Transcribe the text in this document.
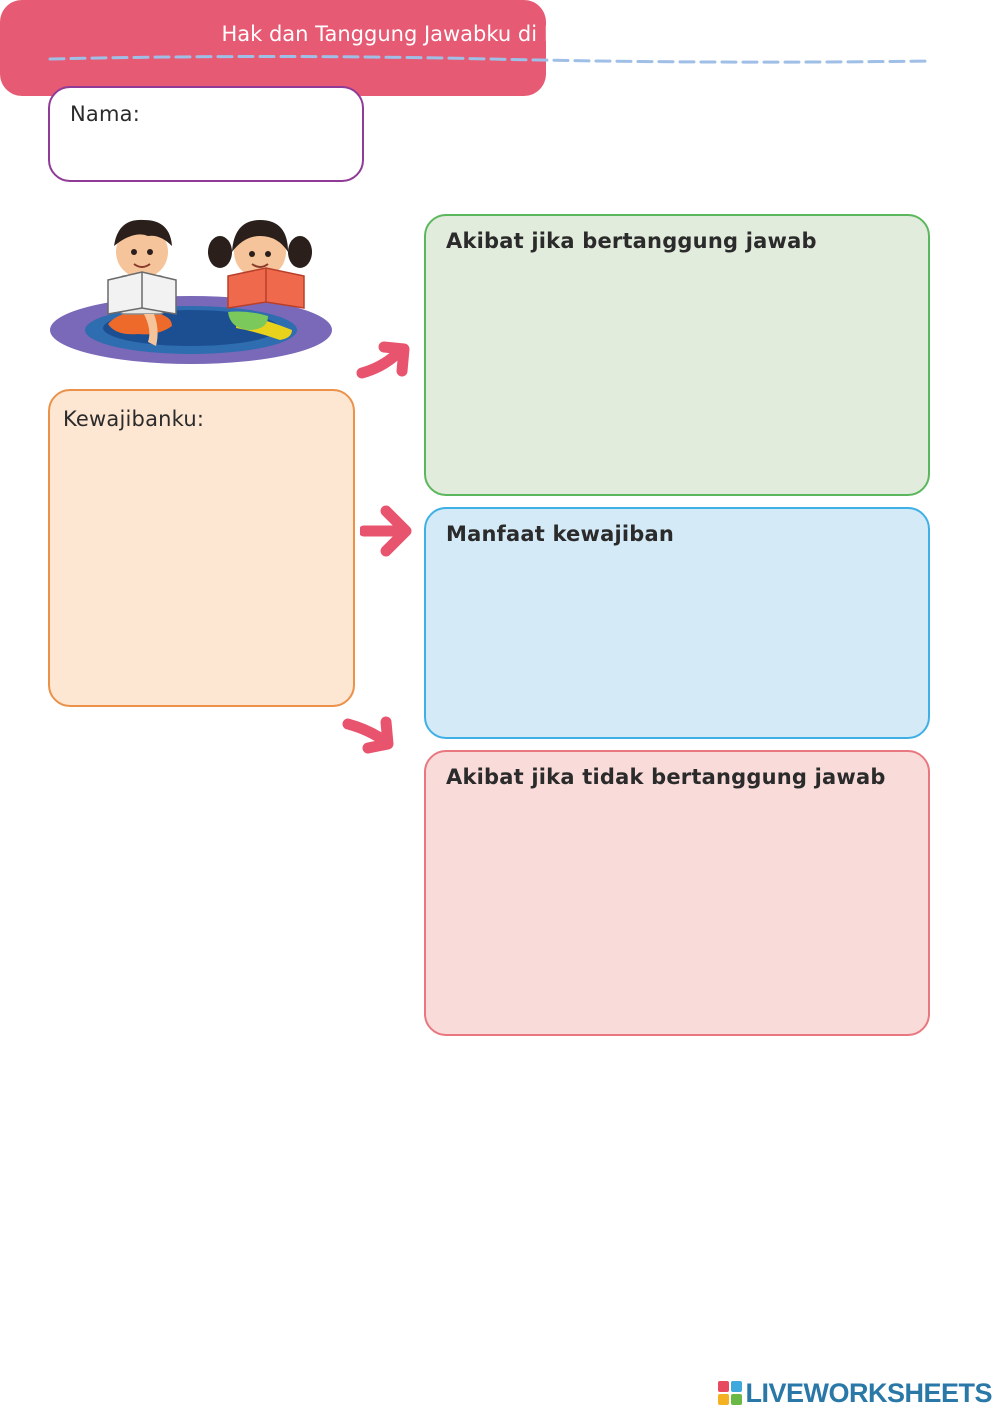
Nama:
Hak dan Tanggung Jawabku di Rumah dan di Sekolah
Kewajibanku:
Akibat jika bertanggung jawab
Manfaat kewajiban
Akibat jika tidak bertanggung jawab
LIVEWORKSHEETS
